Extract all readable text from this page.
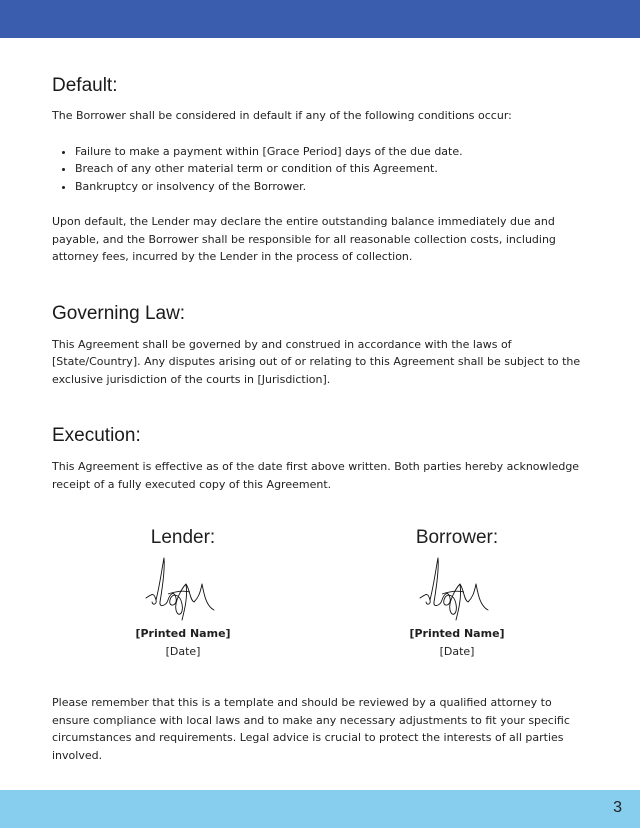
Default:

The Borrower shall be considered in default if any of the following conditions occur:

• Failure to make a payment within [Grace Period] days of the due date.
• Breach of any other material term or condition of this Agreement.
• Bankruptcy or insolvency of the Borrower.

Upon default, the Lender may declare the entire outstanding balance immediately due and payable, and the Borrower shall be responsible for all reasonable collection costs, including attorney fees, incurred by the Lender in the process of collection.

Governing Law:

This Agreement shall be governed by and construed in accordance with the laws of [State/Country]. Any disputes arising out of or relating to this Agreement shall be subject to the exclusive jurisdiction of the courts in [Jurisdiction].

Execution:

This Agreement is effective as of the date first above written. Both parties hereby acknowledge receipt of a fully executed copy of this Agreement.

Lender:
[Printed Name]
[Date]
Borrower:
[Printed Name]
[Date]

Please remember that this is a template and should be reviewed by a qualified attorney to ensure compliance with local laws and to make any necessary adjustments to fit your specific circumstances and requirements. Legal advice is crucial to protect the interests of all parties involved.

3
